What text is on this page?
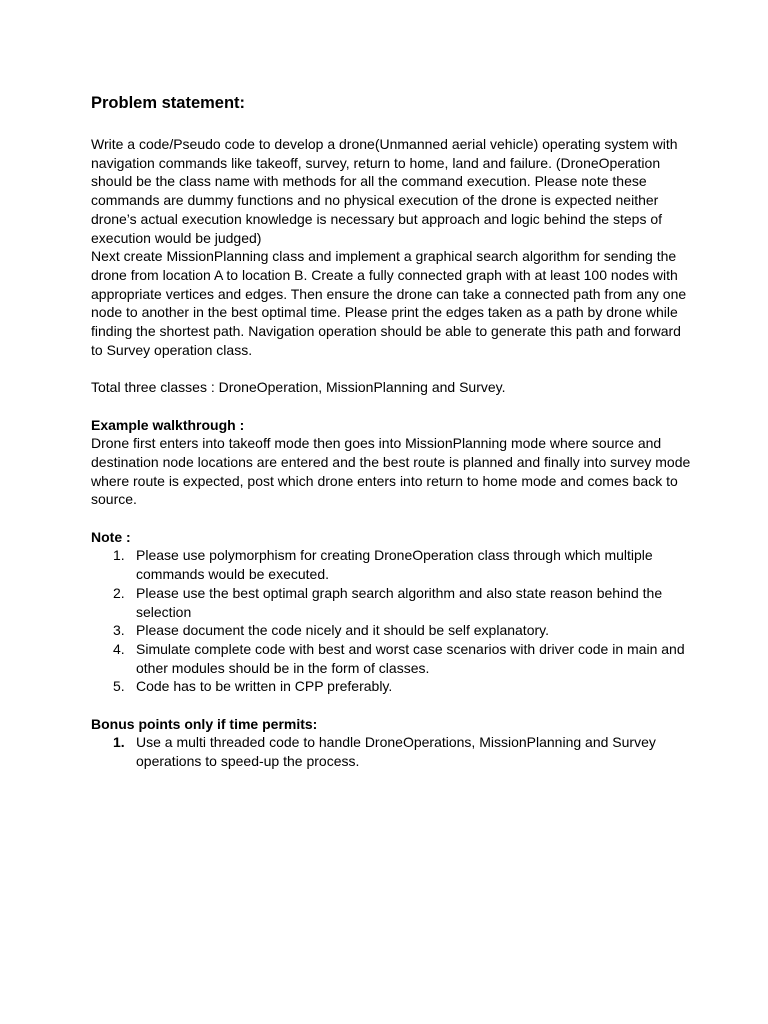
Problem statement:

Write a code/Pseudo code to develop a drone(Unmanned aerial vehicle) operating system with navigation commands like takeoff, survey, return to home, land and failure. (DroneOperation should be the class name with methods for all the command execution. Please note these commands are dummy functions and no physical execution of the drone is expected neither drone’s actual execution knowledge is necessary but approach and logic behind the steps of execution would be judged)

Next create MissionPlanning class and implement a graphical search algorithm for sending the drone from location A to location B. Create a fully connected graph with at least 100 nodes with appropriate vertices and edges. Then ensure the drone can take a connected path from any one node to another in the best optimal time. Please print the edges taken as a path by drone while finding the shortest path. Navigation operation should be able to generate this path and forward to Survey operation class.

Total three classes : DroneOperation, MissionPlanning and Survey.

Example walkthrough :

Drone first enters into takeoff mode then goes into MissionPlanning mode where source and destination node locations are entered and the best route is planned and finally into survey mode where route is expected, post which drone enters into return to home mode and comes back to source.

Note :

1. Please use polymorphism for creating DroneOperation class through which multiple commands would be executed.
2. Please use the best optimal graph search algorithm and also state reason behind the selection
3. Please document the code nicely and it should be self explanatory.
4. Simulate complete code with best and worst case scenarios with driver code in main and other modules should be in the form of classes.
5. Code has to be written in CPP preferably.

Bonus points only if time permits:

1. Use a multi threaded code to handle DroneOperations, MissionPlanning and Survey operations to speed-up the process.
